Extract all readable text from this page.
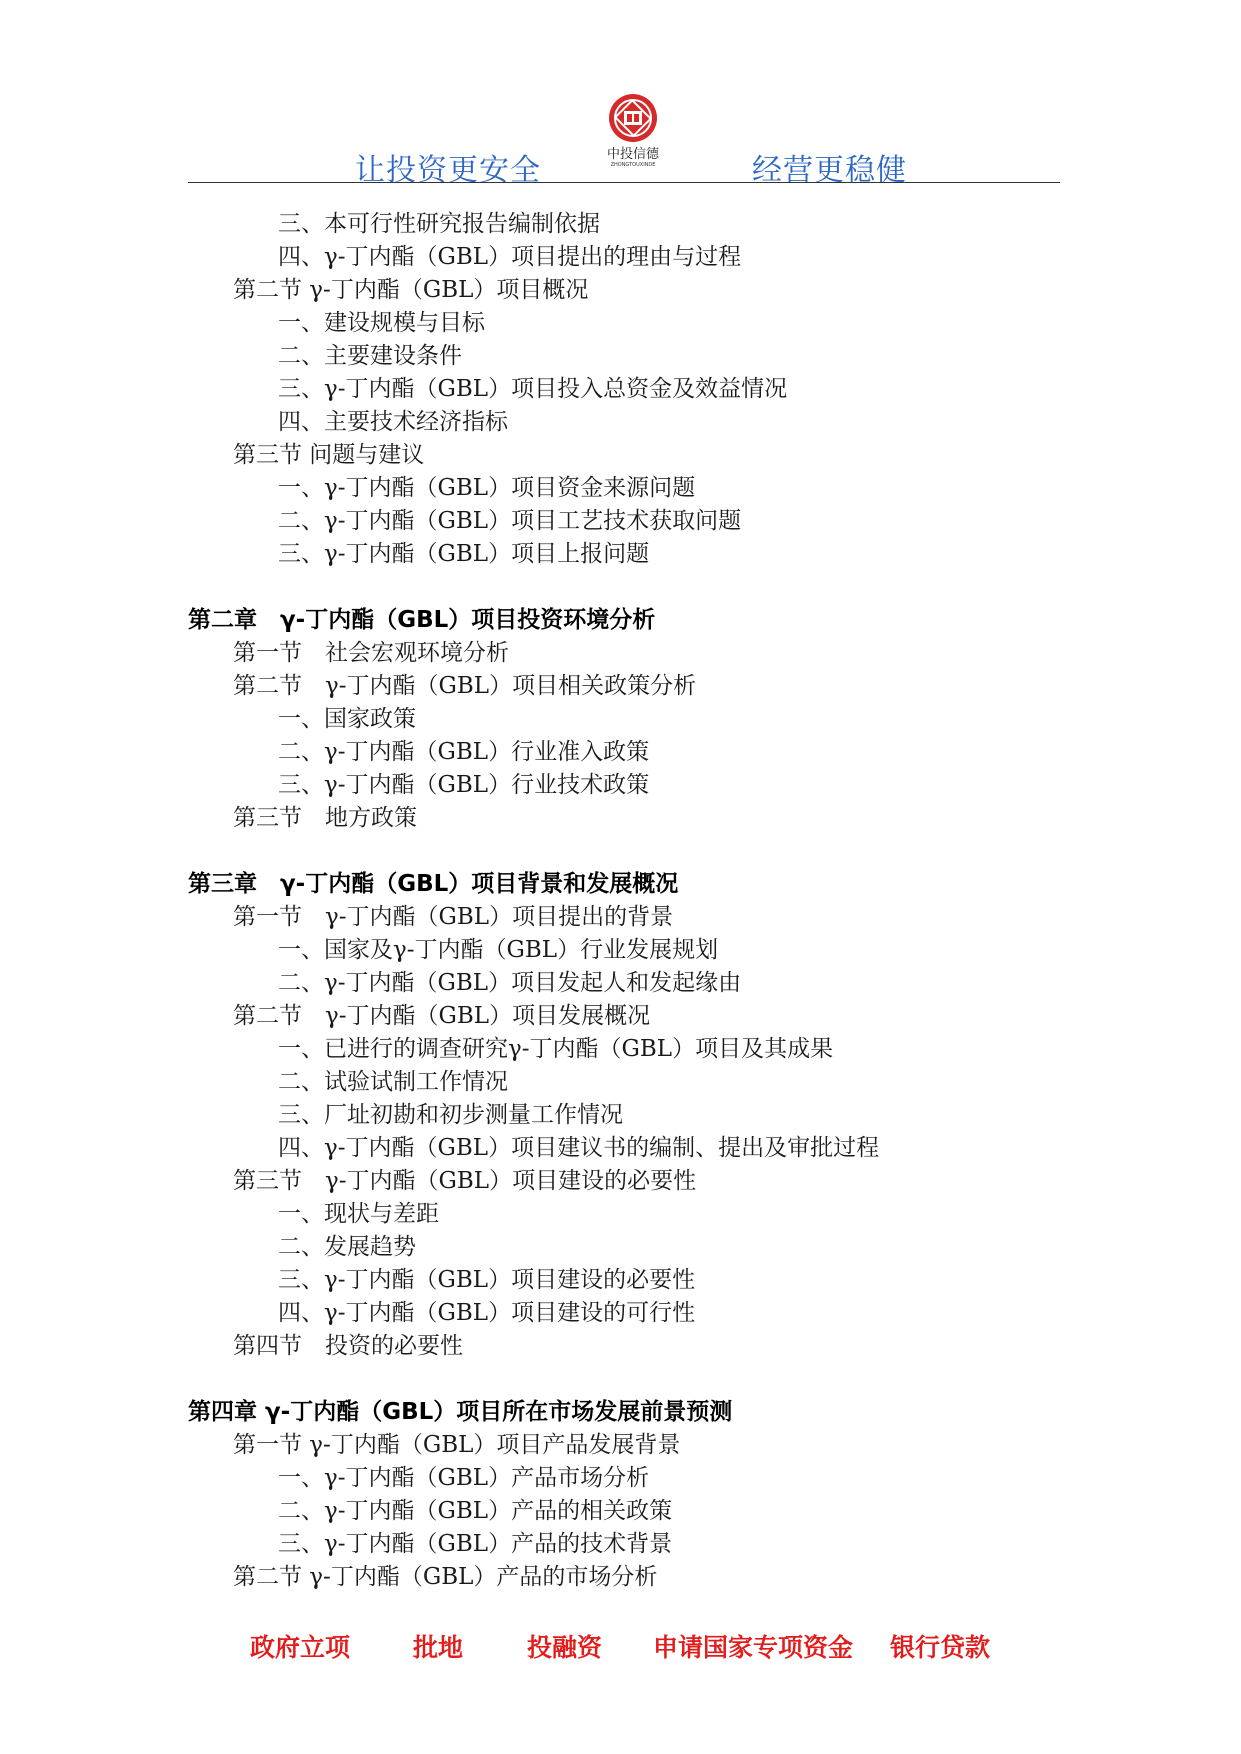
让投资更安全	中投信德
ZHONGTOUXINDE	经营更稳健
三、本可行性研究报告编制依据
四、γ-丁内酯（GBL）项目提出的理由与过程
第二节 γ-丁内酯（GBL）项目概况
一、建设规模与目标
二、主要建设条件
三、γ-丁内酯（GBL）项目投入总资金及效益情况
四、主要技术经济指标
第三节 问题与建议
一、γ-丁内酯（GBL）项目资金来源问题
二、γ-丁内酯（GBL）项目工艺技术获取问题
三、γ-丁内酯（GBL）项目上报问题
第二章　γ-丁内酯（GBL）项目投资环境分析
第一节　社会宏观环境分析
第二节　γ-丁内酯（GBL）项目相关政策分析
一、国家政策
二、γ-丁内酯（GBL）行业准入政策
三、γ-丁内酯（GBL）行业技术政策
第三节　地方政策
第三章　γ-丁内酯（GBL）项目背景和发展概况
第一节　γ-丁内酯（GBL）项目提出的背景
一、国家及γ-丁内酯（GBL）行业发展规划
二、γ-丁内酯（GBL）项目发起人和发起缘由
第二节　γ-丁内酯（GBL）项目发展概况
一、已进行的调查研究γ-丁内酯（GBL）项目及其成果
二、试验试制工作情况
三、厂址初勘和初步测量工作情况
四、γ-丁内酯（GBL）项目建议书的编制、提出及审批过程
第三节　γ-丁内酯（GBL）项目建设的必要性
一、现状与差距
二、发展趋势
三、γ-丁内酯（GBL）项目建设的必要性
四、γ-丁内酯（GBL）项目建设的可行性
第四节　投资的必要性
第四章 γ-丁内酯（GBL）项目所在市场发展前景预测
第一节 γ-丁内酯（GBL）项目产品发展背景
一、γ-丁内酯（GBL）产品市场分析
二、γ-丁内酯（GBL）产品的相关政策
三、γ-丁内酯（GBL）产品的技术背景
第二节 γ-丁内酯（GBL）产品的市场分析
政府立项	批地	投融资 申请国家专项资金 银行贷款
